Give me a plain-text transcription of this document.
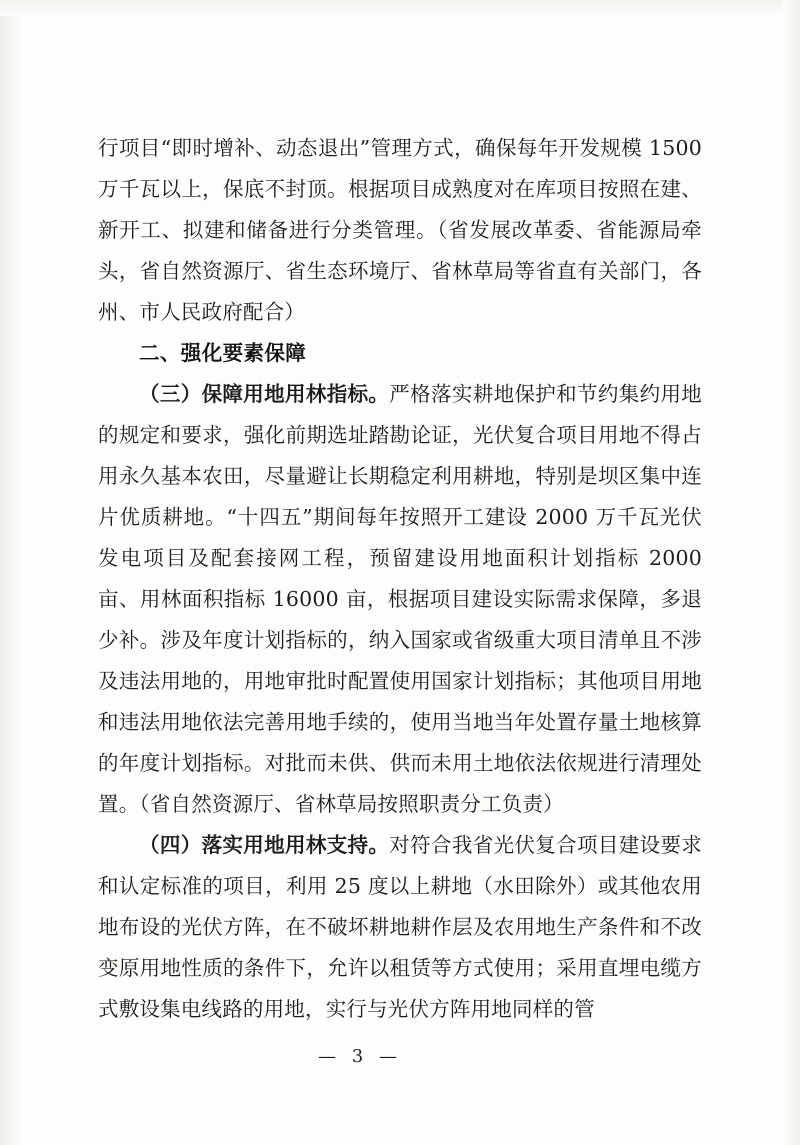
行项目“即时增补、动态退出”管理方式，确保每年开发规模 1500 万千瓦以上，保底不封顶。根据项目成熟度对在库项目按照在建、新开工、拟建和储备进行分类管理。（省发展改革委、省能源局牵头，省自然资源厅、省生态环境厅、省林草局等省直有关部门，各州、市人民政府配合）

二、强化要素保障

（三）保障用地用林指标。严格落实耕地保护和节约集约用地的规定和要求，强化前期选址踏勘论证，光伏复合项目用地不得占用永久基本农田，尽量避让长期稳定利用耕地，特别是坝区集中连片优质耕地。“十四五”期间每年按照开工建设 2000 万千瓦光伏发电项目及配套接网工程，预留建设用地面积计划指标 2000 亩、用林面积指标 16000 亩，根据项目建设实际需求保障，多退少补。涉及年度计划指标的，纳入国家或省级重大项目清单且不涉及违法用地的，用地审批时配置使用国家计划指标；其他项目用地和违法用地依法完善用地手续的，使用当地当年处置存量土地核算的年度计划指标。对批而未供、供而未用土地依法依规进行清理处置。（省自然资源厅、省林草局按照职责分工负责）

（四）落实用地用林支持。对符合我省光伏复合项目建设要求和认定标准的项目，利用 25 度以上耕地（水田除外）或其他农用地布设的光伏方阵，在不破坏耕地耕作层及农用地生产条件和不改变原用地性质的条件下，允许以租赁等方式使用；采用直埋电缆方式敷设集电线路的用地，实行与光伏方阵用地同样的管

— 3 —
